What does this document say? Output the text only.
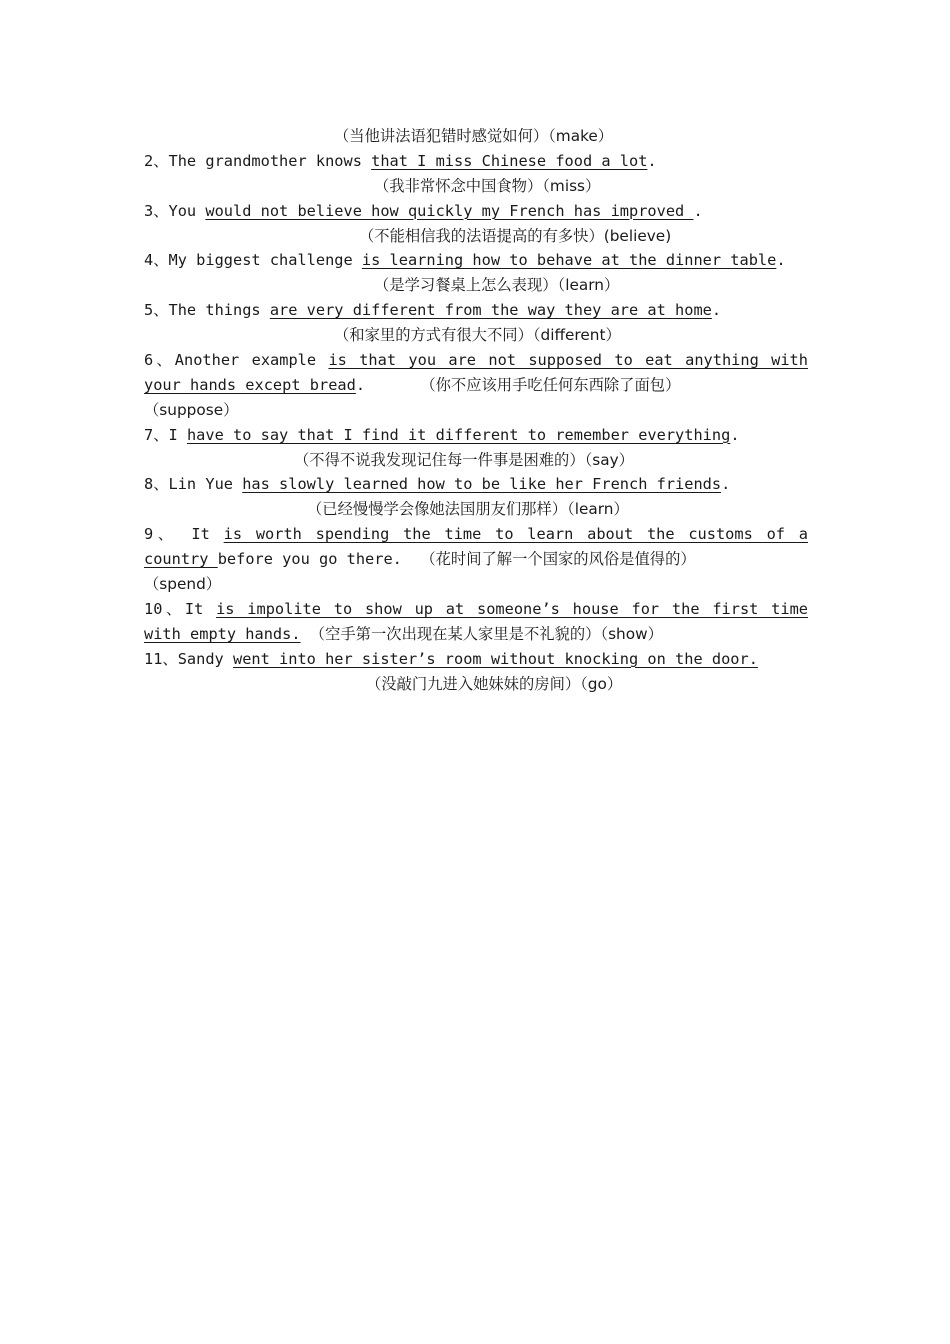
（当他讲法语犯错时感觉如何）（make）
2、The grandmother knows that I miss Chinese food a lot.
（我非常怀念中国食物）（miss）
3、You would not believe how quickly my French has improved .
（不能相信我的法语提高的有多快）(believe)
4、My biggest challenge is learning how to behave at the dinner table.
（是学习餐桌上怎么表现）（learn）
5、The things are very different from the way they are at home.
（和家里的方式有很大不同）（different）
6、Another example is that you are not supposed to eat anything with
your hands except bread.	（你不应该用手吃任何东西除了面包）
（suppose）
7、I have to say that I find it different to remember everything.
（不得不说我发现记住每一件事是困难的）（say）
8、Lin Yue has slowly learned how to be like her French friends.
（已经慢慢学会像她法国朋友们那样）（learn）
9、 It is worth spending the time to learn about the customs of a
country before you go there. （花时间了解一个国家的风俗是值得的）
（spend）
10、It is impolite to show up at someone’s house for the first time
with empty hands. （空手第一次出现在某人家里是不礼貌的）（show）
11、Sandy went into her sister’s room without knocking on the door.
（没敲门九进入她妹妹的房间）（go）
